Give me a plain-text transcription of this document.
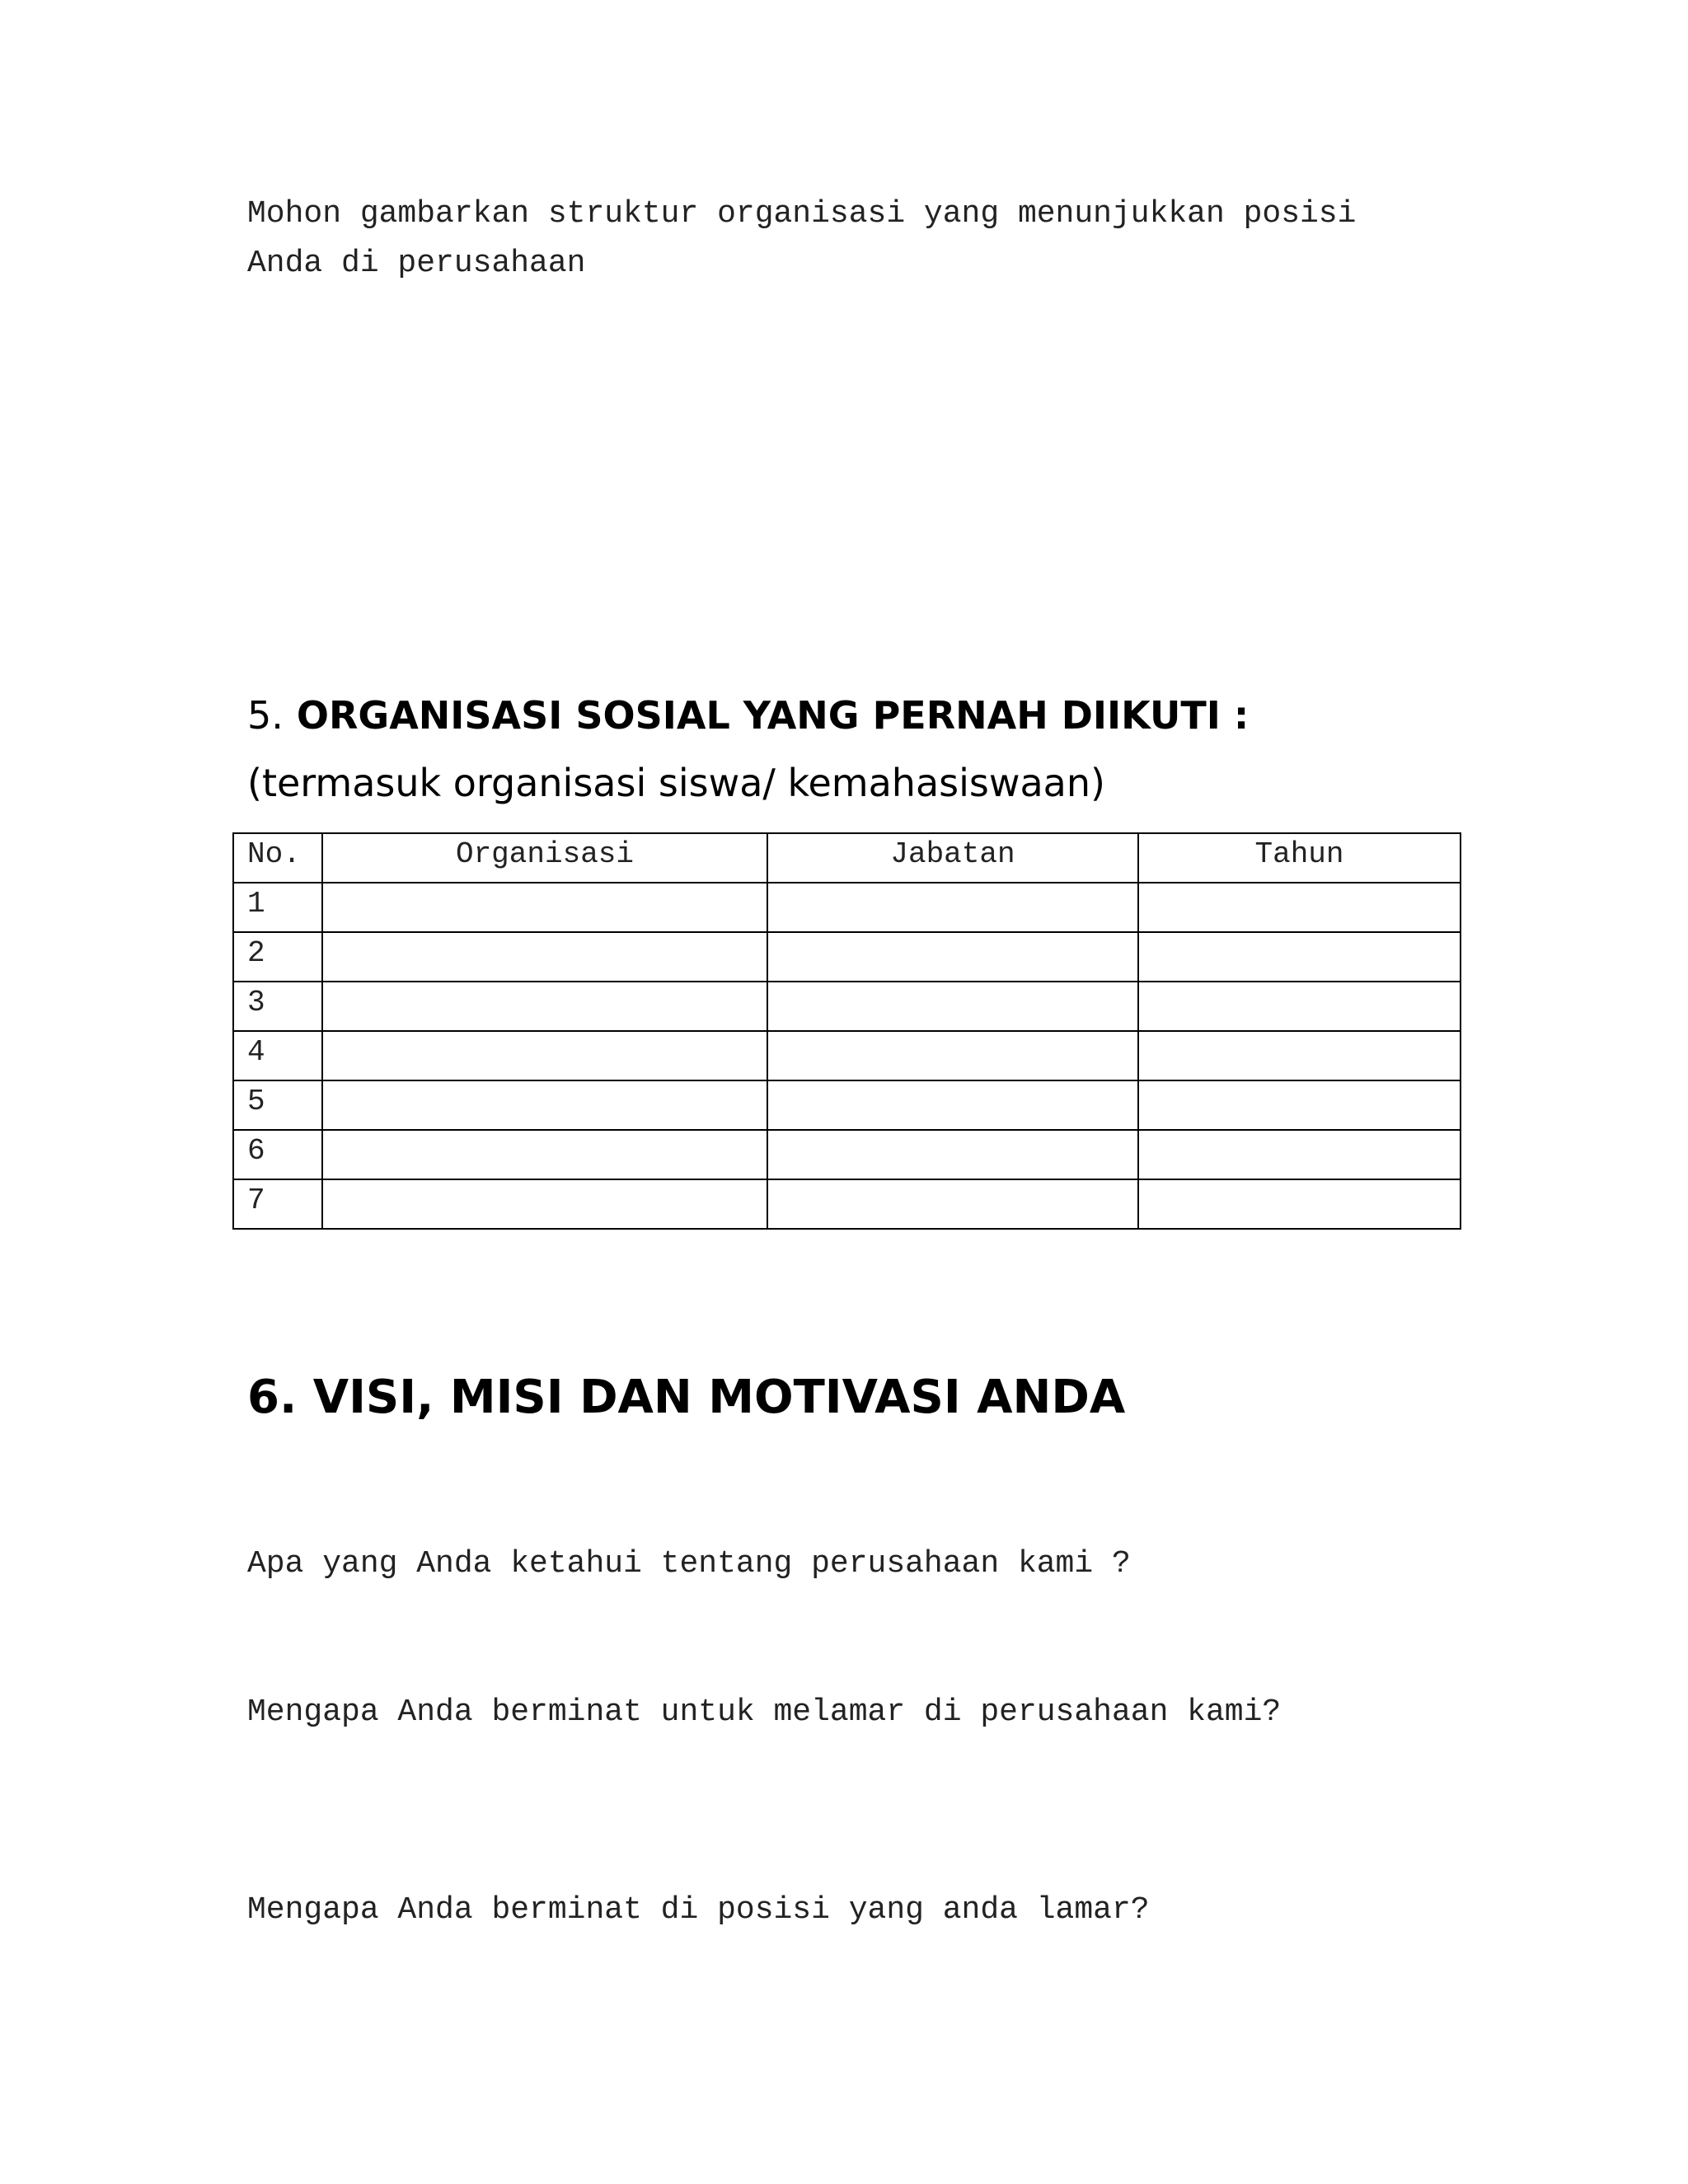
Mohon gambarkan struktur organisasi yang menunjukkan posisi

Anda di perusahaan

5. ORGANISASI SOSIAL YANG PERNAH DIIKUTI :

(termasuk organisasi siswa/ kemahasiswaan)

No.	Organisasi	Jabatan	Tahun
1			
2			
3			
4			
5			
6			
7			
6. VISI, MISI DAN MOTIVASI ANDA

Apa yang Anda ketahui tentang perusahaan kami ?

Mengapa Anda berminat untuk melamar di perusahaan kami?

Mengapa Anda berminat di posisi yang anda lamar?
